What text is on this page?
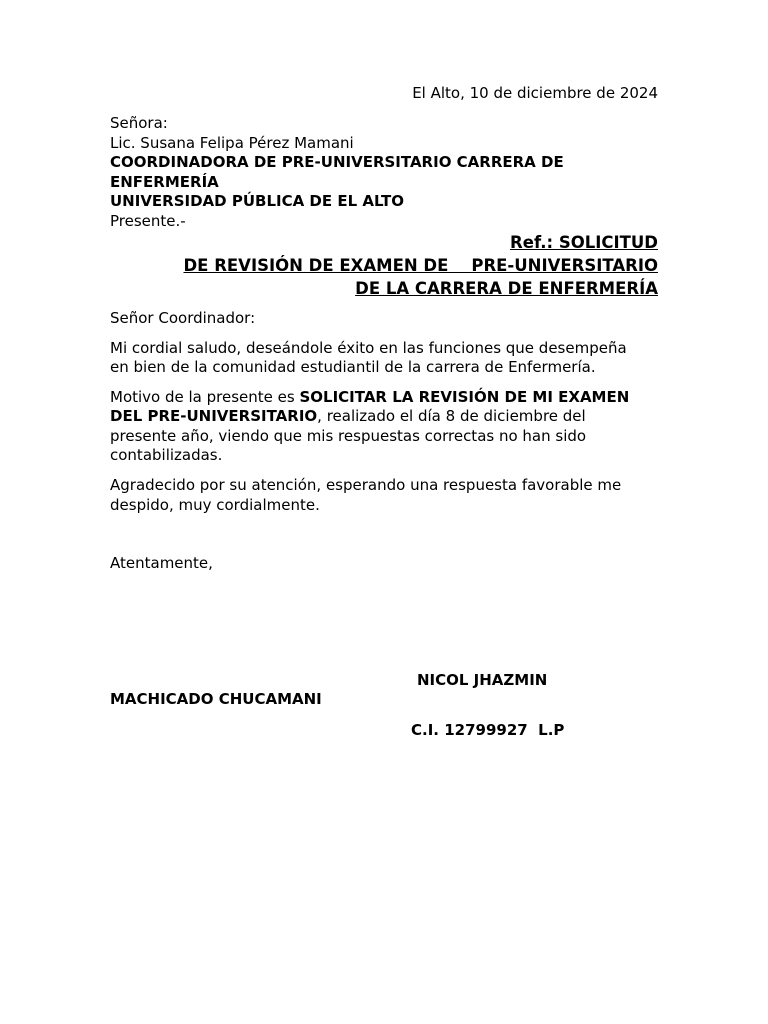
El Alto, 10 de diciembre de 2024
Señora:
Lic. Susana Felipa Pérez Mamani
COORDINADORA DE PRE-UNIVERSITARIO CARRERA DE
ENFERMERÍA
UNIVERSIDAD PÚBLICA DE EL ALTO
Presente.-
Ref.: SOLICITUD
DE REVISIÓN DE EXAMEN DE    PRE-UNIVERSITARIO
DE LA CARRERA DE ENFERMERÍA
Señor Coordinador:
Mi cordial saludo, deseándole éxito en las funciones que desempeña
en bien de la comunidad estudiantil de la carrera de Enfermería.
Motivo de la presente es SOLICITAR LA REVISIÓN DE MI EXAMEN
DEL PRE-UNIVERSITARIO, realizado el día 8 de diciembre del
presente año, viendo que mis respuestas correctas no han sido
contabilizadas.
Agradecido por su atención, esperando una respuesta favorable me
despido, muy cordialmente.
Atentamente,
NICOL JHAZMIN
MACHICADO CHUCAMANI
C.I. 12799927  L.P
